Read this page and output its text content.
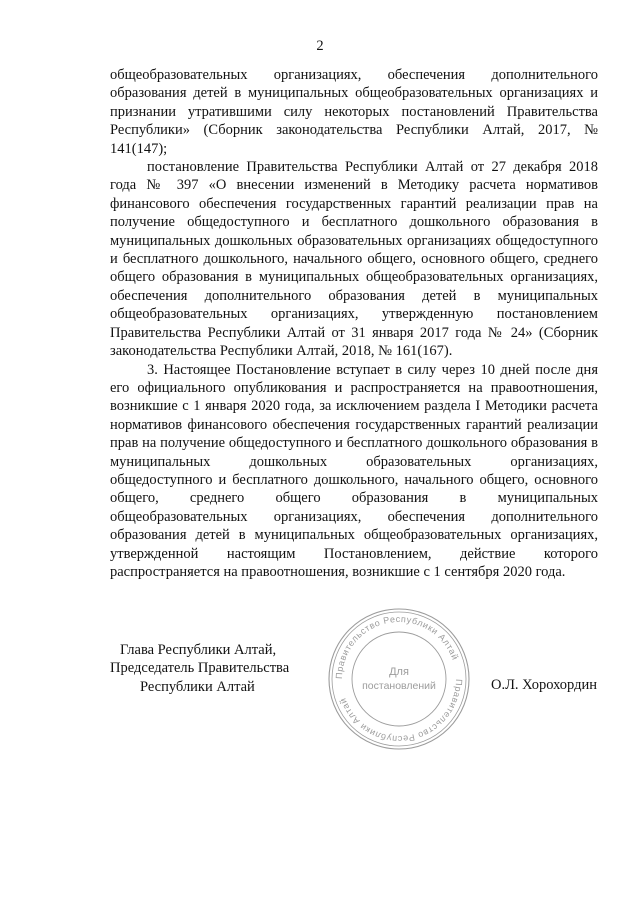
2

общеобразовательных организациях, обеспечения дополнительного образования детей в муниципальных общеобразовательных организациях и признании утратившими силу некоторых постановлений Правительства Республики» (Сборник законодательства Республики Алтай, 2017, № 141(147);

постановление Правительства Республики Алтай от 27 декабря 2018 года № 397 «О внесении изменений в Методику расчета нормативов финансового обеспечения государственных гарантий реализации прав на получение общедоступного и бесплатного дошкольного образования в муниципальных дошкольных образовательных организациях общедоступного и бесплатного дошкольного, начального общего, основного общего, среднего общего образования в муниципальных общеобразовательных организациях, обеспечения дополнительного образования детей в муниципальных общеобразовательных организациях, утвержденную постановлением Правительства Республики Алтай от 31 января 2017 года № 24» (Сборник законодательства Республики Алтай, 2018, № 161(167).

3. Настоящее Постановление вступает в силу через 10 дней после дня его официального опубликования и распространяется на правоотношения, возникшие с 1 января 2020 года, за исключением раздела I Методики расчета нормативов финансового обеспечения государственных гарантий реализации прав на получение общедоступного и бесплатного дошкольного образования в муниципальных дошкольных образовательных организациях, общедоступного и бесплатного дошкольного, начального общего, основного общего, среднего общего образования в муниципальных общеобразовательных организациях, обеспечения дополнительного образования детей в муниципальных общеобразовательных организациях, утвержденной настоящим Постановлением, действие которого распространяется на правоотношения, возникшие с 1 сентября 2020 года.

Глава Республики Алтай,
Председатель Правительства
Республики Алтай	О.Л. Хорохордин
Правительство Республики Алтай
Правительство Республики Алтай
Для
постановлений
